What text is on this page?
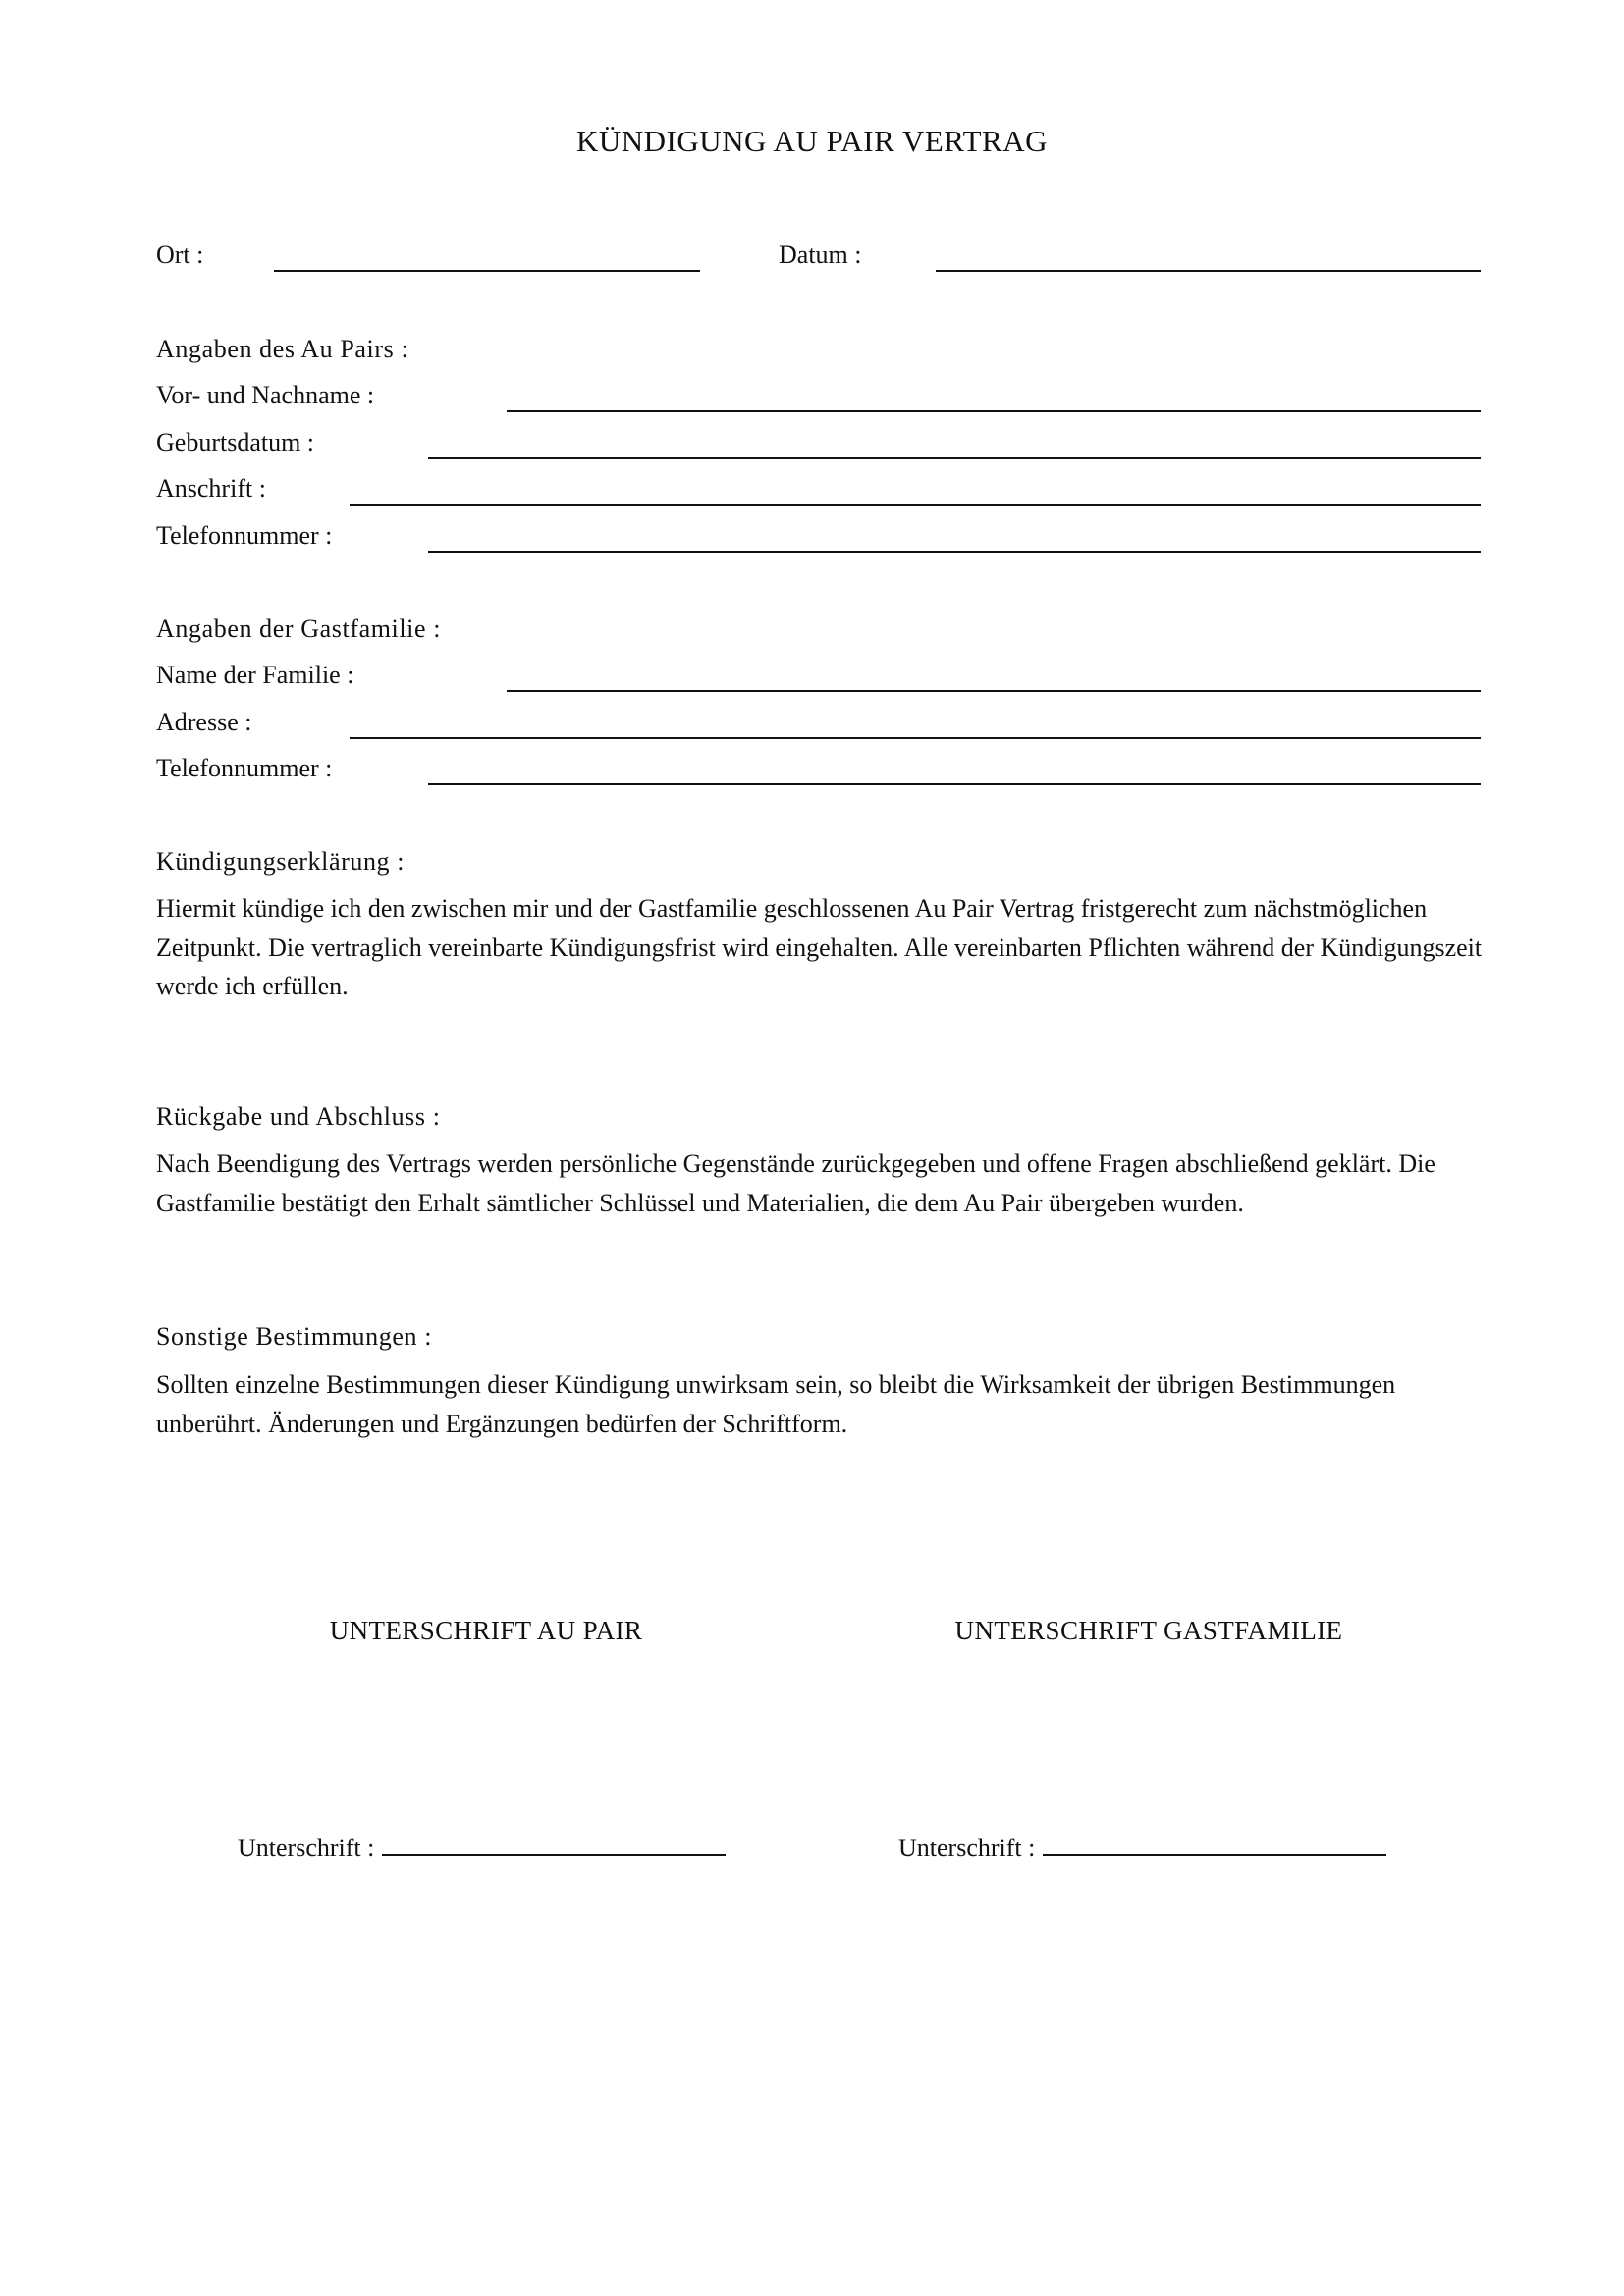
KÜNDIGUNG AU PAIR VERTRAG
Ort :	Datum :
Angaben des Au Pairs :
Vor- und Nachname :
Geburtsdatum :
Anschrift :
Telefonnummer :
Angaben der Gastfamilie :
Name der Familie :
Adresse :
Telefonnummer :
Kündigungserklärung :
Hiermit kündige ich den zwischen mir und der Gastfamilie geschlossenen Au Pair Vertrag fristgerecht zum nächstmöglichen Zeitpunkt. Die vertraglich vereinbarte Kündigungsfrist wird eingehalten. Alle vereinbarten Pflichten während der Kündigungszeit werde ich erfüllen.
Rückgabe und Abschluss :
Nach Beendigung des Vertrags werden persönliche Gegenstände zurückgegeben und offene Fragen abschließend geklärt. Die Gastfamilie bestätigt den Erhalt sämtlicher Schlüssel und Materialien, die dem Au Pair übergeben wurden.
Sonstige Bestimmungen :
Sollten einzelne Bestimmungen dieser Kündigung unwirksam sein, so bleibt die Wirksamkeit der übrigen Bestimmungen unberührt. Änderungen und Ergänzungen bedürfen der Schriftform.
UNTERSCHRIFT AU PAIR	UNTERSCHRIFT GASTFAMILIE
Unterschrift :	Unterschrift :
